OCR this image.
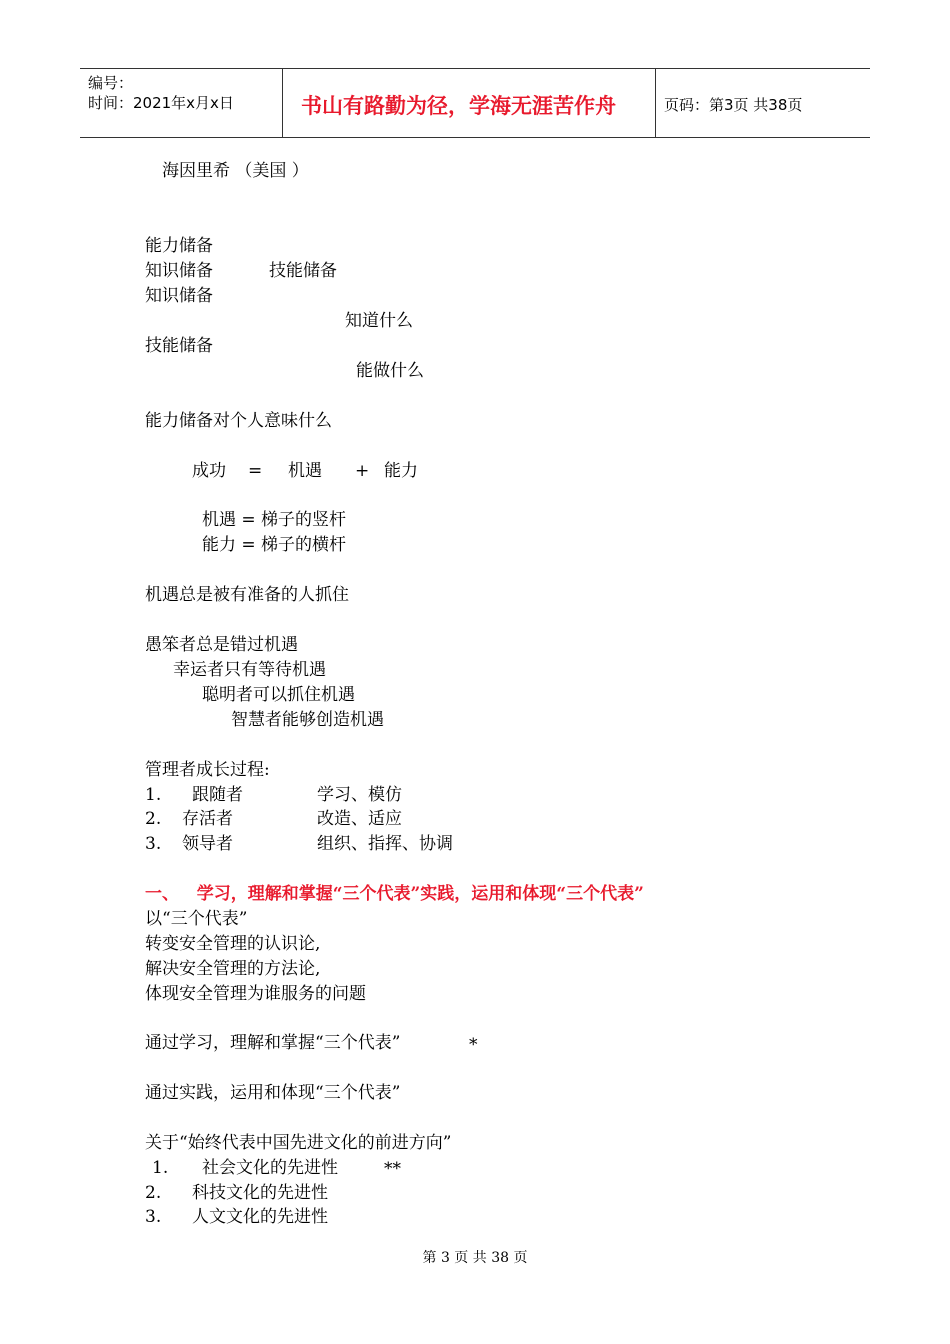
编号：
时间：2021年x月x日	书山有路勤为径，学海无涯苦作舟	页码：第3页 共38页
海因里希 （美国 ）
能力储备
知识储备	技能储备
知识储备
知道什么
技能储备
能做什么
能力储备对个人意味什么
成功 = 机遇 + 能力
机遇 = 梯子的竖杆
能力 = 梯子的横杆
机遇总是被有准备的人抓住
愚笨者总是错过机遇
幸运者只有等待机遇
聪明者可以抓住机遇
智慧者能够创造机遇
管理者成长过程:
1. 跟随者	学习、模仿
2. 存活者	改造、适应
3. 领导者	组织、指挥、协调
一、   学习，理解和掌握“三个代表”实践，运用和体现“三个代表”
以“三个代表”
转变安全管理的认识论,
解决安全管理的方法论,
体现安全管理为谁服务的问题
通过学习，理解和掌握“三个代表”	*
通过实践，运用和体现“三个代表”
关于“始终代表中国先进文化的前进方向”
1. 社会文化的先进性	**
2. 科技文化的先进性
3. 人文文化的先进性
第 3 页 共 38 页
